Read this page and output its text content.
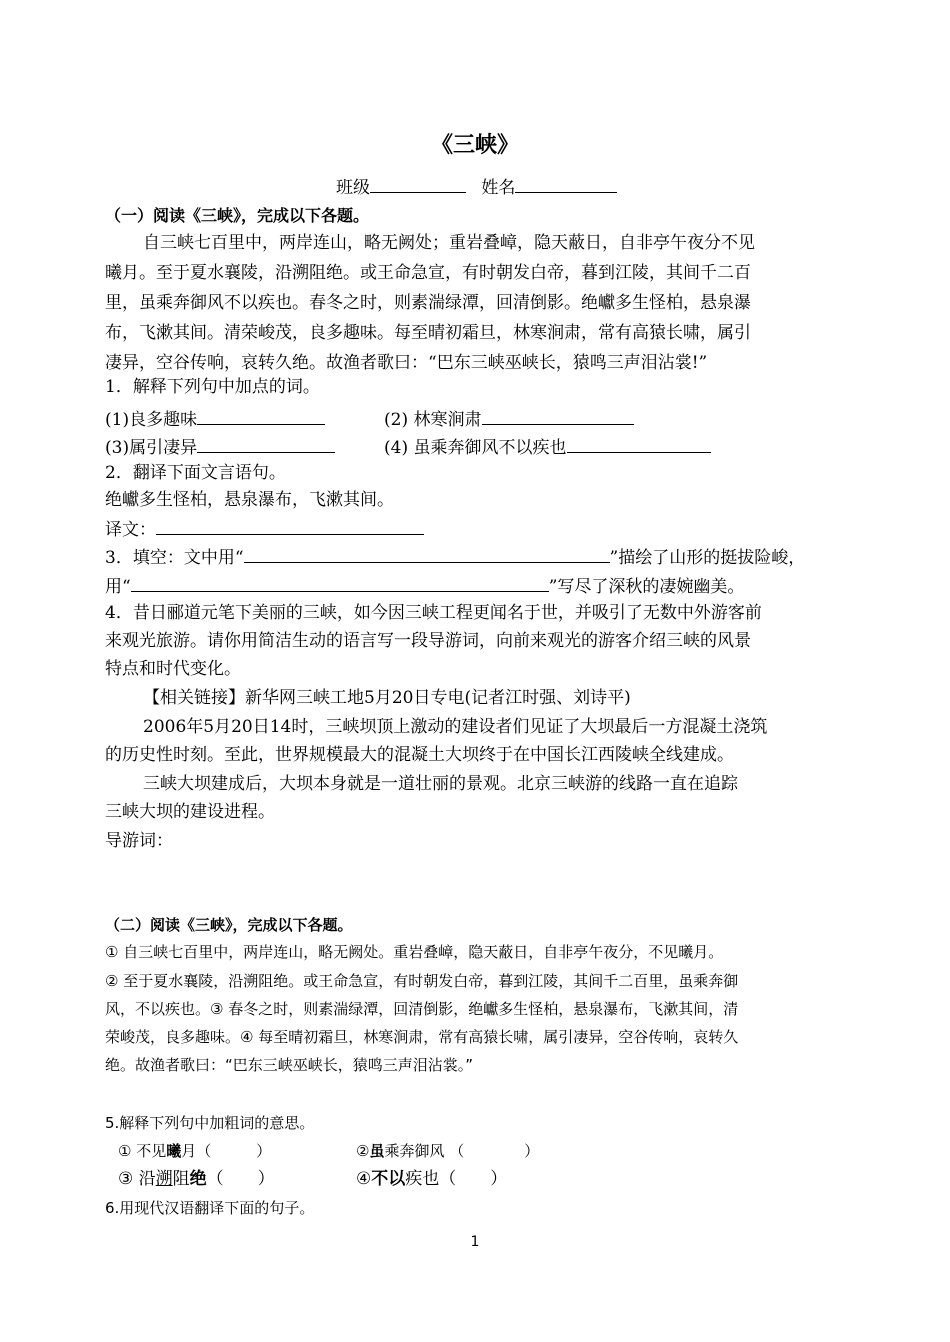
《三峡》
班级	姓名
（一）阅读《三峡》，完成以下各题。
自三峡七百里中，两岸连山，略无阙处；重岩叠嶂，隐天蔽日，自非亭午夜分不见
曦月。至于夏水襄陵，沿溯阻绝。或王命急宣，有时朝发白帝，暮到江陵，其间千二百
里，虽乘奔御风不以疾也。春冬之时，则素湍绿潭，回清倒影。绝巘多生怪柏，悬泉瀑
布，飞漱其间。清荣峻茂，良多趣味。每至晴初霜旦，林寒涧肃，常有高猿长啸，属引
凄异，空谷传响，哀转久绝。故渔者歌曰：“巴东三峡巫峡长，猿鸣三声泪沾裳!”
1．解释下列句中加点的词。
(1)良多趣味	(2) 林寒涧肃
(3)属引凄异	(4) 虽乘奔御风不以疾也
2．翻译下面文言语句。
绝巘多生怪柏，悬泉瀑布，飞漱其间。
译文：
3．填空：文中用“	”描绘了山形的挺拔险峻，
用“	”写尽了深秋的凄婉幽美。
4．昔日郦道元笔下美丽的三峡，如今因三峡工程更闻名于世，并吸引了无数中外游客前
来观光旅游。请你用简洁生动的语言写一段导游词，向前来观光的游客介绍三峡的风景
特点和时代变化。
【相关链接】新华网三峡工地5月20日专电(记者江时强、刘诗平)
2006年5月20日14时，三峡坝顶上激动的建设者们见证了大坝最后一方混凝土浇筑
的历史性时刻。至此，世界规模最大的混凝土大坝终于在中国长江西陵峡全线建成。
三峡大坝建成后，大坝本身就是一道壮丽的景观。北京三峡游的线路一直在追踪
三峡大坝的建设进程。
导游词：
（二）阅读《三峡》，完成以下各题。
① 自三峡七百里中，两岸连山，略无阙处。重岩叠嶂，隐天蔽日，自非亭午夜分，不见曦月。
② 至于夏水襄陵，沿溯阻绝。或王命急宣，有时朝发白帝，暮到江陵，其间千二百里，虽乘奔御
风，不以疾也。③ 春冬之时，则素湍绿潭，回清倒影，绝巘多生怪柏，悬泉瀑布，飞漱其间，清
荣峻茂，良多趣味。④ 每至晴初霜旦，林寒涧肃，常有高猿长啸，属引凄异，空谷传响，哀转久
绝。故渔者歌曰：“巴东三峡巫峡长，猿鸣三声泪沾裳。”
5.解释下列句中加粗词的意思。
① 不见曦月（　　　）	②虽乘奔御风 （　　　　）
③ 沿溯阻绝（　　）	④不以疾也（　　）
6.用现代汉语翻译下面的句子。
1
